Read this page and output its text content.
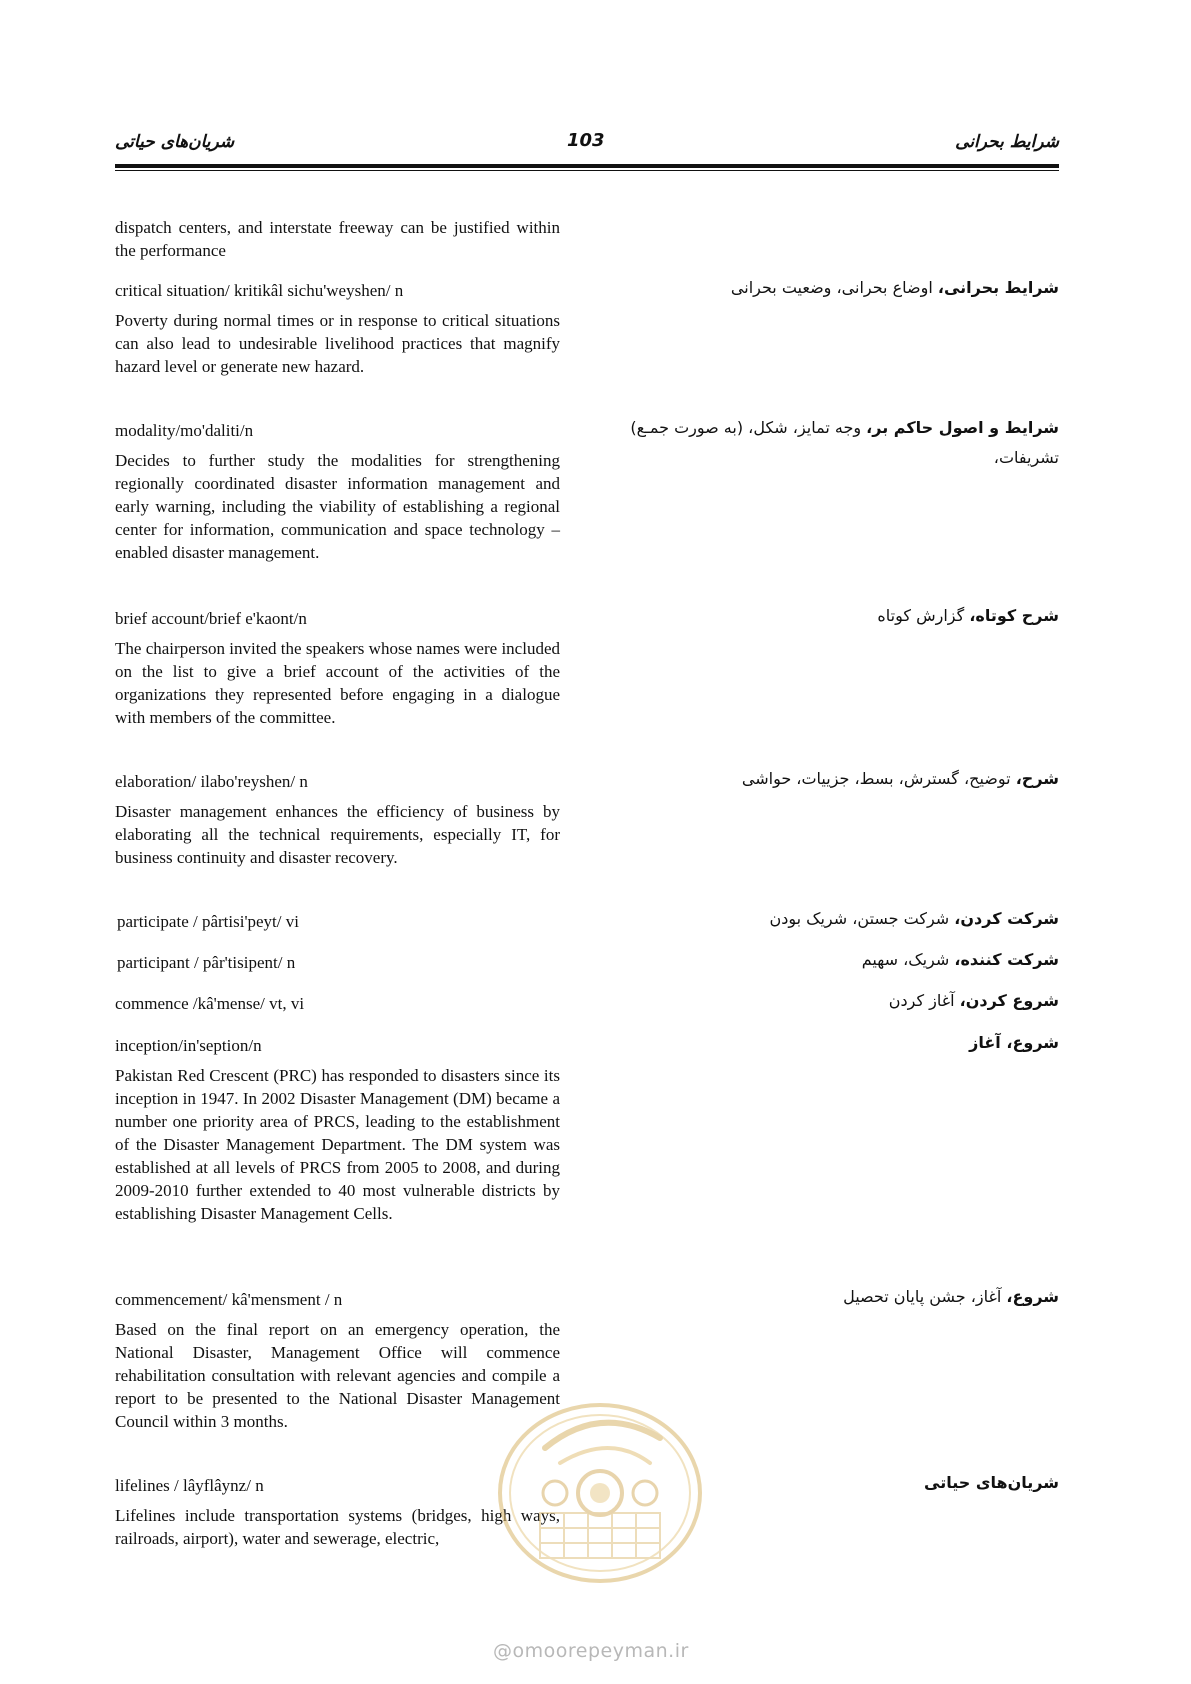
شریان‌های حیاتی	103	شرایط بحرانی

dispatch centers, and interstate freeway can be justified within the performance

critical situation/ kritikâl sichu'weyshen/ n

Poverty during normal times or in response to critical situations can also lead to undesirable livelihood practices that magnify hazard level or generate new hazard.

شرایط بحرانی، اوضاع بحرانی، وضعیت بحرانی

modality/mo'daliti/n

Decides to further study the modalities for strengthening regionally coordinated disaster information management and early warning, including the viability of establishing a regional center for information, communication and space technology – enabled disaster management.

شرایط و اصول حاکم بر، وجه تمایز، شکل، (به صورت جمـع) تشریفات،

brief account/brief e'kaont/n

The chairperson invited the speakers whose names were included on the list to give a brief account of the activities of the organizations they represented before engaging in a dialogue with members of the committee.

شرح کوتاه، گزارش کوتاه

elaboration/ ilabo'reyshen/ n

Disaster management enhances the efficiency of business by elaborating all the technical requirements, especially IT, for business continuity and disaster recovery.

شرح، توضیح، گسترش، بسط، جزییات، حواشی

participate / pârtisi'peyt/ vi	شرکت کردن، شرکت جستن، شریک بودن

participant / pâr'tisipent/ n	شرکت کننده، شریک، سهیم

commence /kâ'mense/ vt, vi	شروع کردن، آغاز کردن

inception/in'seption/n

Pakistan Red Crescent (PRC) has responded to disasters since its inception in 1947. In 2002 Disaster Management (DM) became a number one priority area of PRCS, leading to the establishment of the Disaster Management Department. The DM system was established at all levels of PRCS from 2005 to 2008, and during 2009-2010 further extended to 40 most vulnerable districts by establishing Disaster Management Cells.

شروع، آغاز

commencement/ kâ'mensment / n

Based on the final report on an emergency operation, the National Disaster, Management Office will commence rehabilitation consultation with relevant agencies and compile a report to be presented to the National Disaster Management Council within 3 months.

شروع، آغاز، جشن پایان تحصیل

lifelines / lâyflâynz/ n

Lifelines include transportation systems (bridges, high ways, railroads, airport), water and sewerage, electric,

شریان‌های حیاتی
@omoorepeyman.ir
